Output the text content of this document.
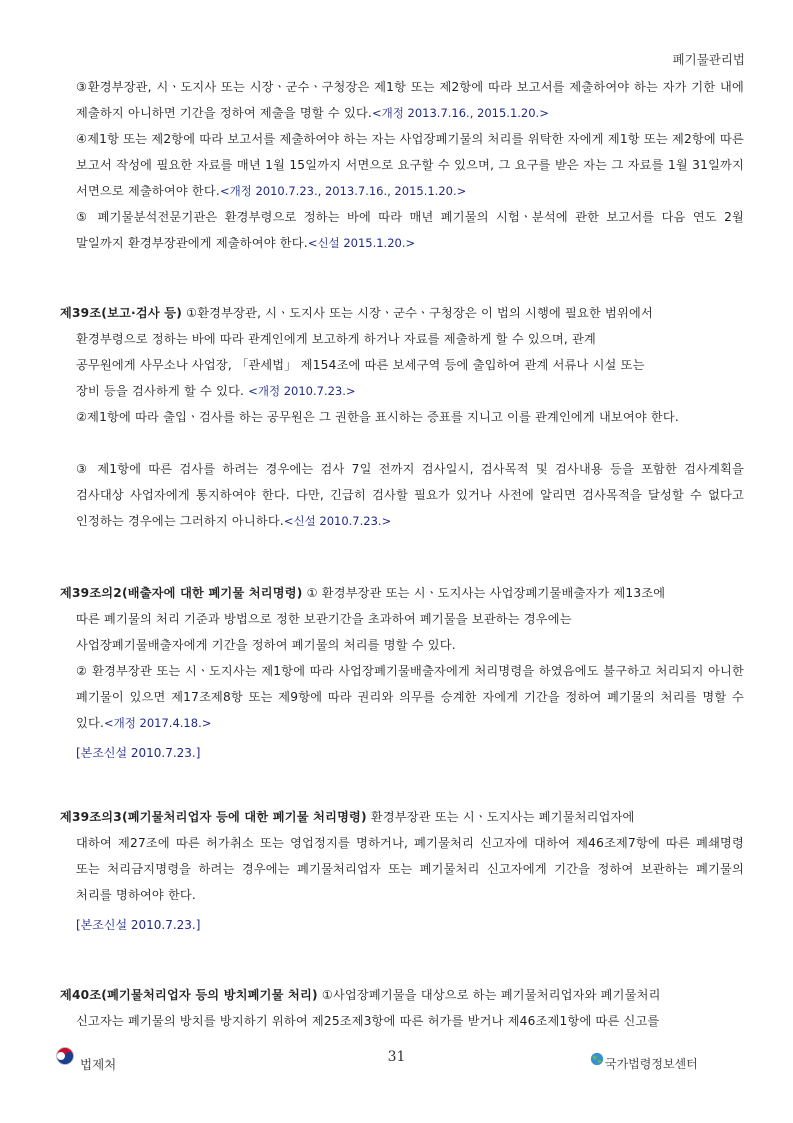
폐기물관리법
③환경부장관, 시ㆍ도지사 또는 시장ㆍ군수ㆍ구청장은 제1항 또는 제2항에 따라 보고서를 제출하여야 하는 자가 기한 내에 제출하지 아니하면 기간을 정하여 제출을 명할 수 있다.<개정 2013.7.16., 2015.1.20.>
④제1항 또는 제2항에 따라 보고서를 제출하여야 하는 자는 사업장폐기물의 처리를 위탁한 자에게 제1항 또는 제2항에 따른 보고서 작성에 필요한 자료를 매년 1월 15일까지 서면으로 요구할 수 있으며, 그 요구를 받은 자는 그 자료를 1월 31일까지 서면으로 제출하여야 한다.<개정 2010.7.23., 2013.7.16., 2015.1.20.>
⑤ 폐기물분석전문기관은 환경부령으로 정하는 바에 따라 매년 폐기물의 시험ㆍ분석에 관한 보고서를 다음 연도 2월 말일까지 환경부장관에게 제출하여야 한다.<신설 2015.1.20.>
제39조(보고·검사 등) ①환경부장관, 시ㆍ도지사 또는 시장ㆍ군수ㆍ구청장은 이 법의 시행에 필요한 범위에서
환경부령으로 정하는 바에 따라 관계인에게 보고하게 하거나 자료를 제출하게 할 수 있으며, 관계
공무원에게 사무소나 사업장, 「관세법」 제154조에 따른 보세구역 등에 출입하여 관계 서류나 시설 또는
장비 등을 검사하게 할 수 있다. <개정 2010.7.23.>
②제1항에 따라 출입ㆍ검사를 하는 공무원은 그 권한을 표시하는 증표를 지니고 이를 관계인에게 내보여야 한다.
③ 제1항에 따른 검사를 하려는 경우에는 검사 7일 전까지 검사일시, 검사목적 및 검사내용 등을 포함한 검사계획을 검사대상 사업자에게 통지하여야 한다. 다만, 긴급히 검사할 필요가 있거나 사전에 알리면 검사목적을 달성할 수 없다고 인정하는 경우에는 그러하지 아니하다.<신설 2010.7.23.>
제39조의2(배출자에 대한 폐기물 처리명령) ① 환경부장관 또는 시ㆍ도지사는 사업장폐기물배출자가 제13조에
따른 폐기물의 처리 기준과 방법으로 정한 보관기간을 초과하여 폐기물을 보관하는 경우에는
사업장폐기물배출자에게 기간을 정하여 폐기물의 처리를 명할 수 있다.
② 환경부장관 또는 시ㆍ도지사는 제1항에 따라 사업장폐기물배출자에게 처리명령을 하였음에도 불구하고 처리되지 아니한 폐기물이 있으면 제17조제8항 또는 제9항에 따라 권리와 의무를 승계한 자에게 기간을 정하여 폐기물의 처리를 명할 수 있다.<개정 2017.4.18.>
[본조신설 2010.7.23.]
제39조의3(폐기물처리업자 등에 대한 폐기물 처리명령) 환경부장관 또는 시ㆍ도지사는 폐기물처리업자에
대하여 제27조에 따른 허가취소 또는 영업정지를 명하거나, 폐기물처리 신고자에 대하여 제46조제7항에 따른 폐쇄명령 또는 처리금지명령을 하려는 경우에는 폐기물처리업자 또는 폐기물처리 신고자에게 기간을 정하여 보관하는 폐기물의 처리를 명하여야 한다.
[본조신설 2010.7.23.]
제40조(폐기물처리업자 등의 방치폐기물 처리) ①사업장폐기물을 대상으로 하는 폐기물처리업자와 폐기물처리
신고자는 폐기물의 방치를 방지하기 위하여 제25조제3항에 따른 허가를 받거나 제46조제1항에 따른 신고를
법제처	31	국가법령정보센터
